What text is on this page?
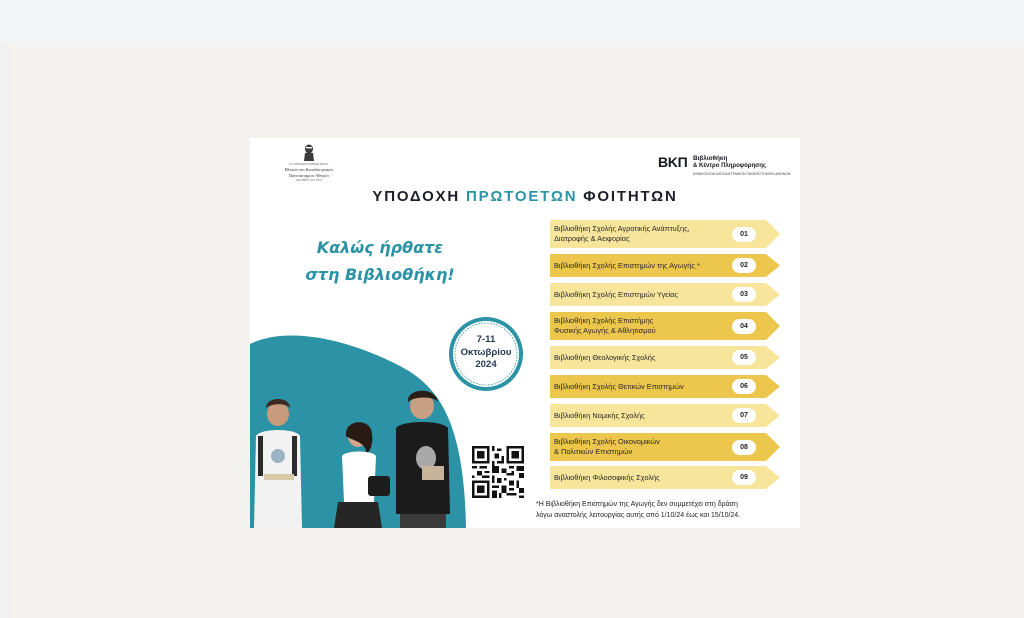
ΕΛΛΗΝΙΚΗ ΔΗΜΟΚΡΑΤΙΑ
Εθνικόν και Καποδιστριακόν
Πανεπιστήμιον Αθηνών
ΙΔΡΥΘΕΝ ΤΟ 1837
ΒΚΠ Βιβλιοθήκη
& Κέντρο Πληροφόρησης
ΕΘΝΙΚΟΝ ΚΑΙ ΚΑΠΟΔΙΣΤΡΙΑΚΟΝ ΠΑΝΕΠΙΣΤΗΜΙΟΝ ΑΘΗΝΩΝ
ΥΠΟΔΟΧΗ ΠΡΩΤΟΕΤΩΝ ΦΟΙΤΗΤΩΝ
Καλώς ήρθατε
στη Βιβλιοθήκη!
7-11
Οκτωβρίου
2024
Βιβλιοθήκη Σχολής Αγροτικής Ανάπτυξης,
Διατροφής & Αειφορίας	01
Βιβλιοθήκη Σχολής Επιστημών της Αγωγής *	02
Βιβλιοθήκη Σχολής Επιστημών Υγείας	03
Βιβλιοθήκη Σχολής Επιστήμης
Φυσικής Αγωγής & Αθλητισμού	04
Βιβλιοθήκη Θεολογικής Σχολής	05
Βιβλιοθήκη Σχολής Θετικών Επιστημών	06
Βιβλιοθήκη Νομικής Σχολής	07
Βιβλιοθήκη Σχολής Οικονομικών
& Πολιτικών Επιστημών	08
Βιβλιοθήκη Φιλοσοφικής Σχολής	09
*Η Βιβλιοθήκη Επιστημών της Αγωγής δεν συμμετέχει στη δράση
λόγω αναστολής λειτουργίας αυτής από 1/10/24 έως και 15/10/24.
